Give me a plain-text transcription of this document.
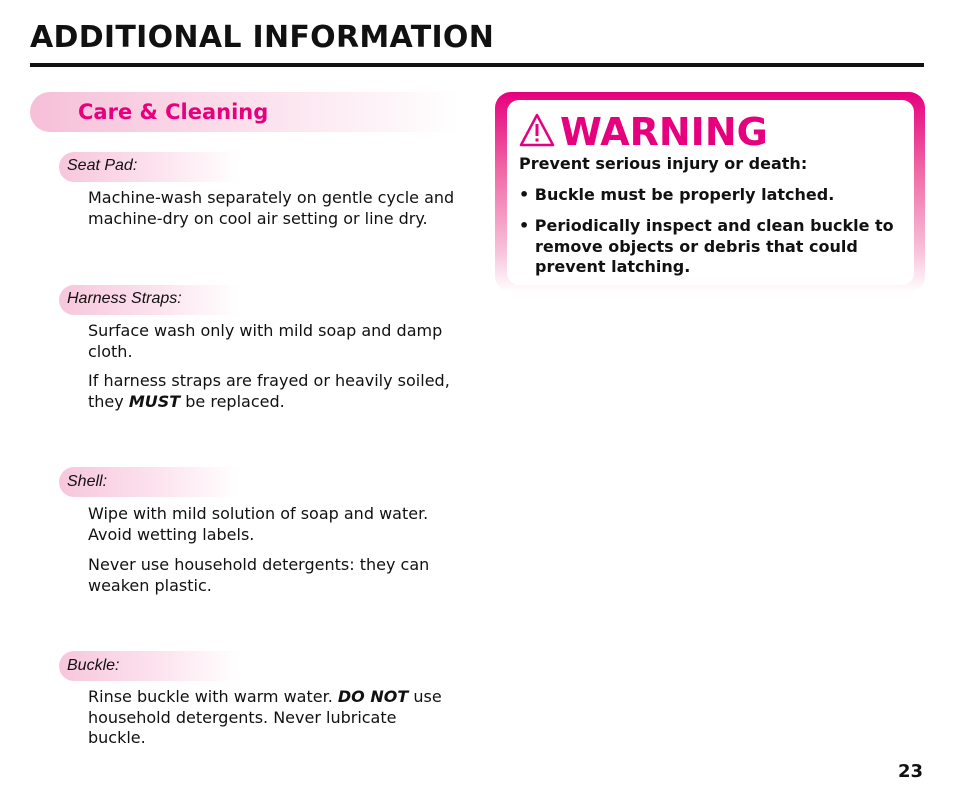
ADDITIONAL INFORMATION
Care & Cleaning
Seat Pad:

Machine-wash separately on gentle cycle and machine-dry on cool air setting or line dry.

Harness Straps:

Surface wash only with mild soap and damp cloth.

If harness straps are frayed or heavily soiled, they MUST be replaced.

Shell:

Wipe with mild solution of soap and water. Avoid wetting labels.

Never use household detergents: they can weaken plastic.

Buckle:

Rinse buckle with warm water. DO NOT use household detergents. Never lubricate buckle.

WARNING

Prevent serious injury or death:

• Buckle must be properly latched.

• Periodically inspect and clean buckle to remove objects or debris that could prevent latching.

23
